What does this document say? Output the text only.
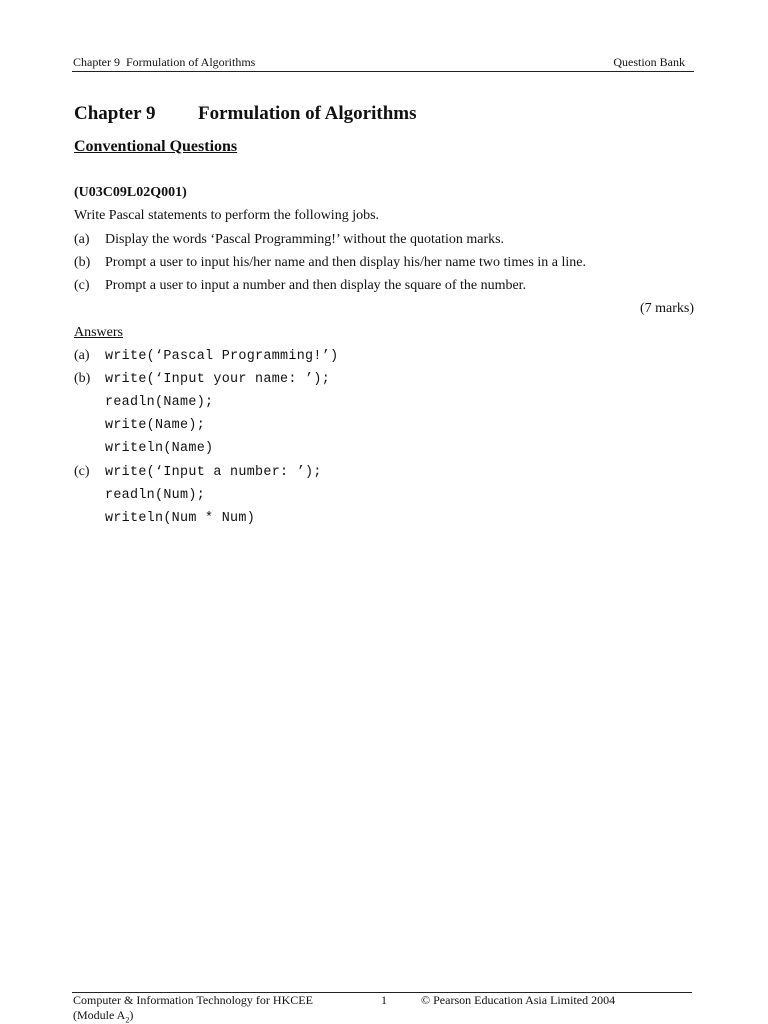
Chapter 9  Formulation of Algorithms	Question Bank
Chapter 9 Formulation of Algorithms
Conventional Questions
(U03C09L02Q001)
Write Pascal statements to perform the following jobs.
(a) Display the words ‘Pascal Programming!’ without the quotation marks.
(b) Prompt a user to input his/her name and then display his/her name two times in a line.
(c) Prompt a user to input a number and then display the square of the number.
(7 marks)
Answers
(a) write(‘Pascal Programming!’)
(b) write(‘Input your name: ’);
readln(Name);
write(Name);
writeln(Name)
(c) write(‘Input a number: ’);
readln(Num);
writeln(Num * Num)
Computer & Information Technology for HKCEE
(Module $A_2$)
1	© Pearson Education Asia Limited 2004
